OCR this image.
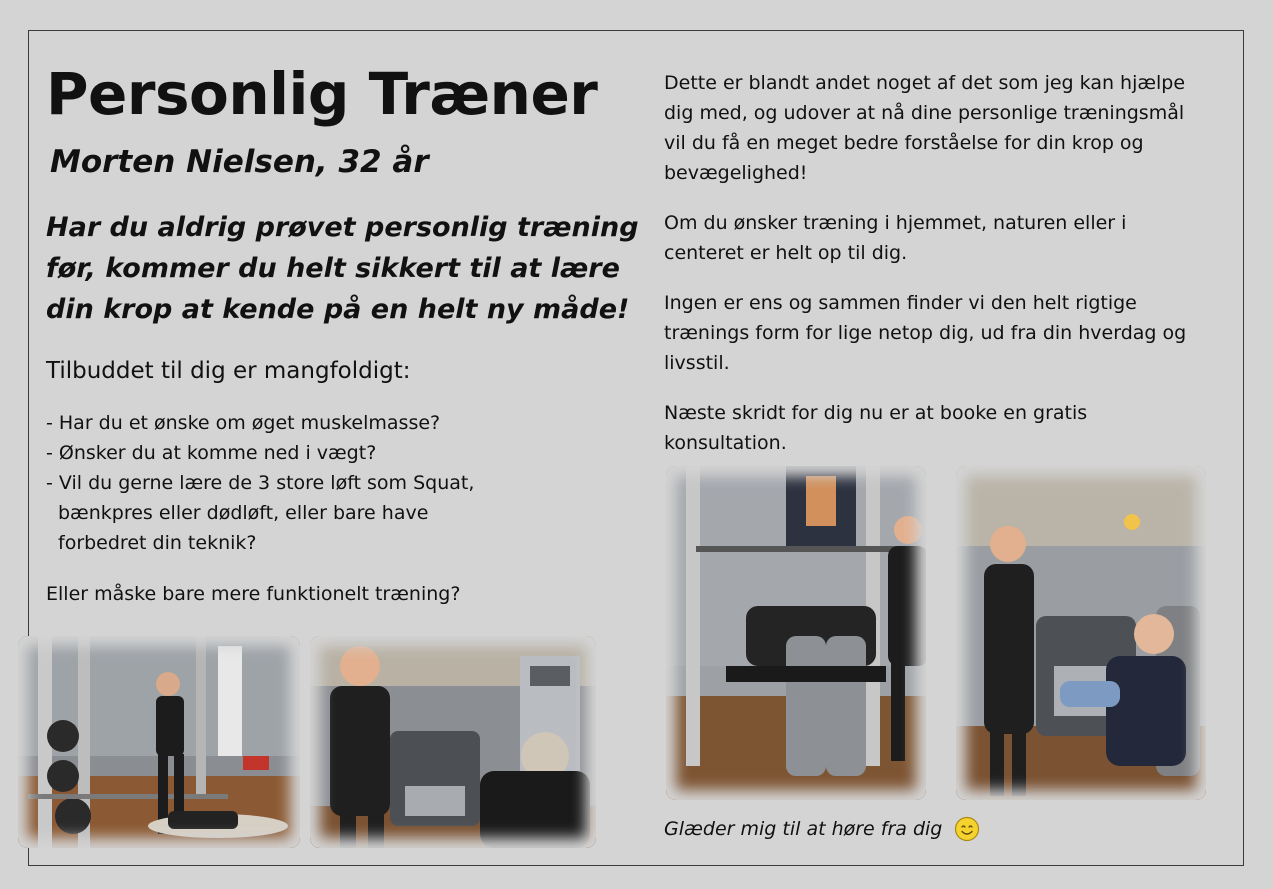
Personlig Træner
Morten Nielsen, 32 år

Har du aldrig prøvet personlig træning
før, kommer du helt sikkert til at lære
din krop at kende på en helt ny måde!

Tilbuddet til dig er mangfoldigt:

- Har du et ønske om øget muskelmasse?
- Ønsker du at komme ned i vægt?
- Vil du gerne lære de 3 store løft som Squat,
bænkpres eller dødløft, eller bare have
forbedret din teknik?

Eller måske bare mere funktionelt træning?

Dette er blandt andet noget af det som jeg kan hjælpe
dig med, og udover at nå dine personlige træningsmål
vil du få en meget bedre forståelse for din krop og
bevægelighed!

Om du ønsker træning i hjemmet, naturen eller i
centeret er helt op til dig.

Ingen er ens og sammen finder vi den helt rigtige
trænings form for lige netop dig, ud fra din hverdag og
livsstil.

Næste skridt for dig nu er at booke en gratis
konsultation.

Glæder mig til at høre fra dig
